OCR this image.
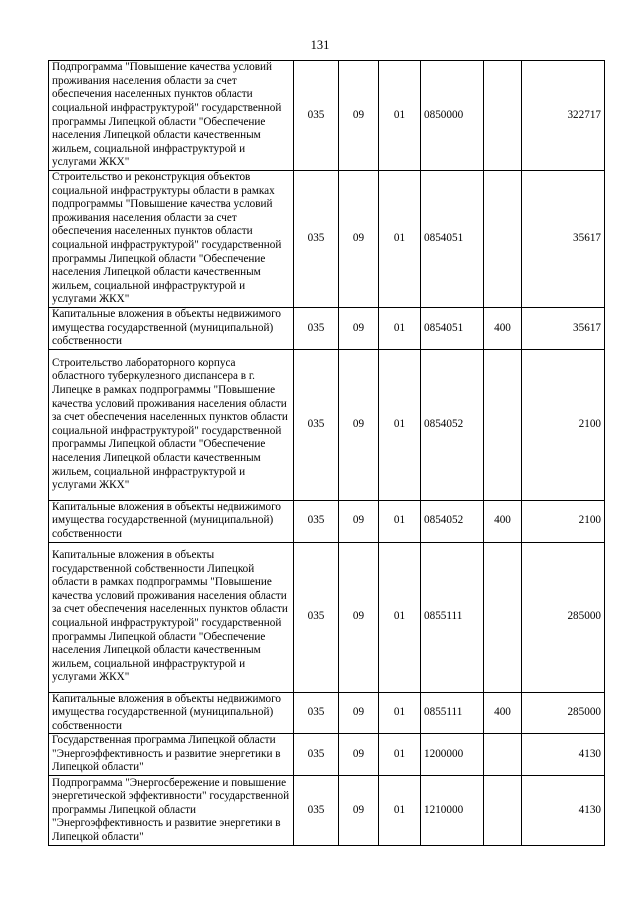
131
Подпрограмма "Повышение качества условий проживания населения области за счет обеспечения населенных пунктов области социальной инфраструктурой" государственной программы Липецкой области "Обеспечение населения Липецкой области качественным жильем, социальной инфраструктурой и услугами ЖКХ"	035	09	01	0850000		322717
Строительство и реконструкция объектов социальной инфраструктуры области в рамках подпрограммы "Повышение качества условий проживания населения области за счет обеспечения населенных пунктов области социальной инфраструктурой" государственной программы Липецкой области "Обеспечение населения Липецкой области качественным жильем, социальной инфраструктурой и услугами ЖКХ"	035	09	01	0854051		35617
Капитальные вложения в объекты недвижимого имущества государственной (муниципальной) собственности	035	09	01	0854051	400	35617
Строительство лабораторного корпуса областного туберкулезного диспансера в г. Липецке в рамках подпрограммы "Повышение качества условий проживания населения области за счет обеспечения населенных пунктов области социальной инфраструктурой" государственной программы Липецкой области "Обеспечение населения Липецкой области качественным жильем, социальной инфраструктурой и услугами ЖКХ"	035	09	01	0854052		2100
Капитальные вложения в объекты недвижимого имущества государственной (муниципальной) собственности	035	09	01	0854052	400	2100
Капитальные вложения в объекты государственной собственности Липецкой области в рамках подпрограммы "Повышение качества условий проживания населения области за счет обеспечения населенных пунктов области социальной инфраструктурой" государственной программы Липецкой области "Обеспечение населения Липецкой области качественным жильем, социальной инфраструктурой и услугами ЖКХ"	035	09	01	0855111		285000
Капитальные вложения в объекты недвижимого имущества государственной (муниципальной) собственности	035	09	01	0855111	400	285000
Государственная программа Липецкой области "Энергоэффективность и развитие энергетики в Липецкой области"	035	09	01	1200000		4130
Подпрограмма "Энергосбережение и повышение энергетической эффективности" государственной программы Липецкой области "Энергоэффективность и развитие энергетики в Липецкой области"	035	09	01	1210000		4130
